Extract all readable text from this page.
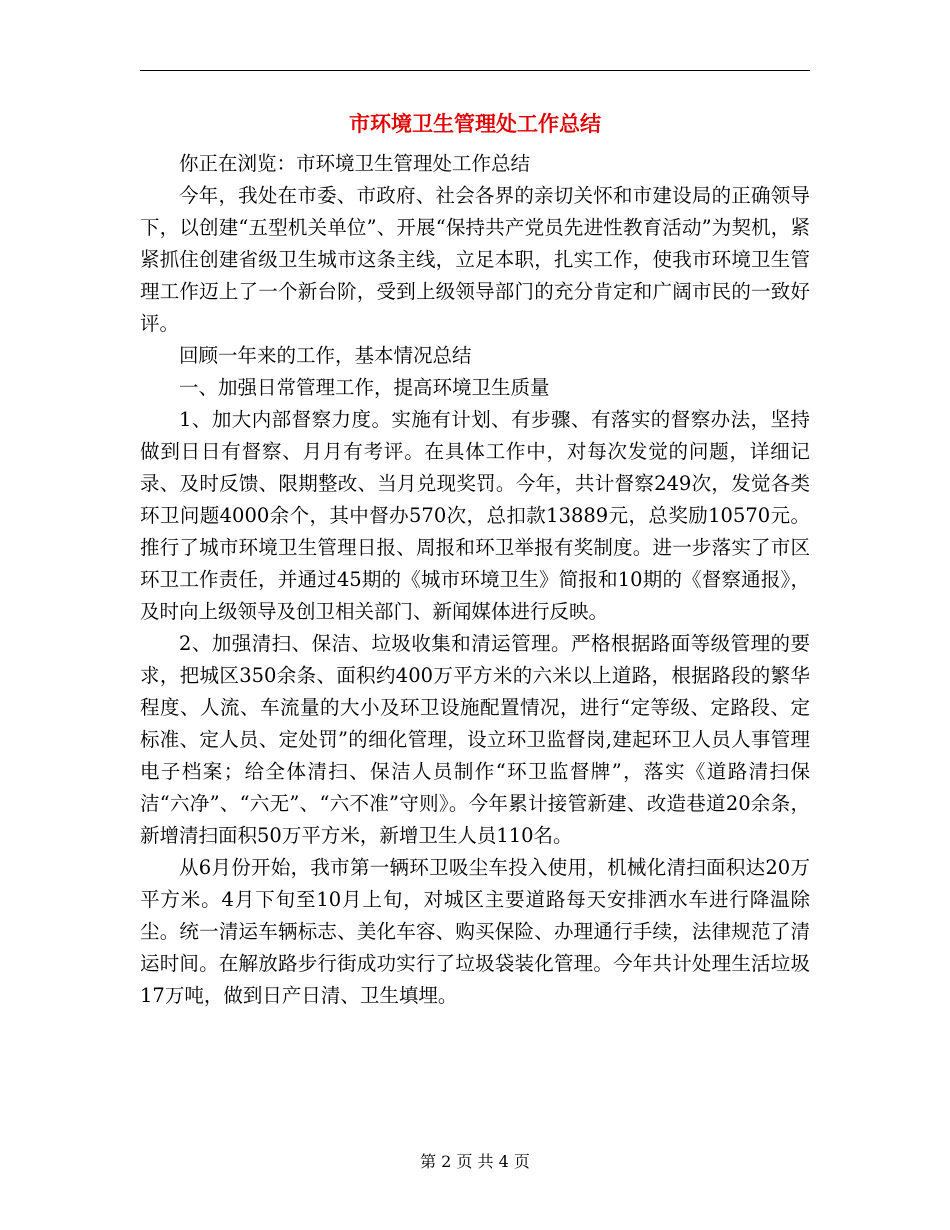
市环境卫生管理处工作总结

你正在浏览：市环境卫生管理处工作总结

今年，我处在市委、市政府、社会各界的亲切关怀和市建设局的正确领导下，以创建“五型机关单位”、开展“保持共产党员先进性教育活动”为契机，紧紧抓住创建省级卫生城市这条主线，立足本职，扎实工作，使我市环境卫生管理工作迈上了一个新台阶，受到上级领导部门的充分肯定和广阔市民的一致好评。

回顾一年来的工作，基本情况总结

一、加强日常管理工作，提高环境卫生质量

1、加大内部督察力度。实施有计划、有步骤、有落实的督察办法，坚持做到日日有督察、月月有考评。在具体工作中，对每次发觉的问题，详细记录、及时反馈、限期整改、当月兑现奖罚。今年，共计督察249次，发觉各类环卫问题4000余个，其中督办570次，总扣款13889元，总奖励10570元。推行了城市环境卫生管理日报、周报和环卫举报有奖制度。进一步落实了市区环卫工作责任，并通过45期的《城市环境卫生》简报和10期的《督察通报》，及时向上级领导及创卫相关部门、新闻媒体进行反映。

2、加强清扫、保洁、垃圾收集和清运管理。严格根据路面等级管理的要求，把城区350余条、面积约400万平方米的六米以上道路，根据路段的繁华程度、人流、车流量的大小及环卫设施配置情况，进行“定等级、定路段、定标准、定人员、定处罚”的细化管理，设立环卫监督岗,建起环卫人员人事管理电子档案；给全体清扫、保洁人员制作“环卫监督牌”，落实《道路清扫保洁“六净”、“六无”、“六不准”守则》。今年累计接管新建、改造巷道20余条，新增清扫面积50万平方米，新增卫生人员110名。

从6月份开始，我市第一辆环卫吸尘车投入使用，机械化清扫面积达20万平方米。4月下旬至10月上旬，对城区主要道路每天安排洒水车进行降温除尘。统一清运车辆标志、美化车容、购买保险、办理通行手续，法律规范了清运时间。在解放路步行街成功实行了垃圾袋装化管理。今年共计处理生活垃圾17万吨，做到日产日清、卫生填埋。

第 2 页 共 4 页
